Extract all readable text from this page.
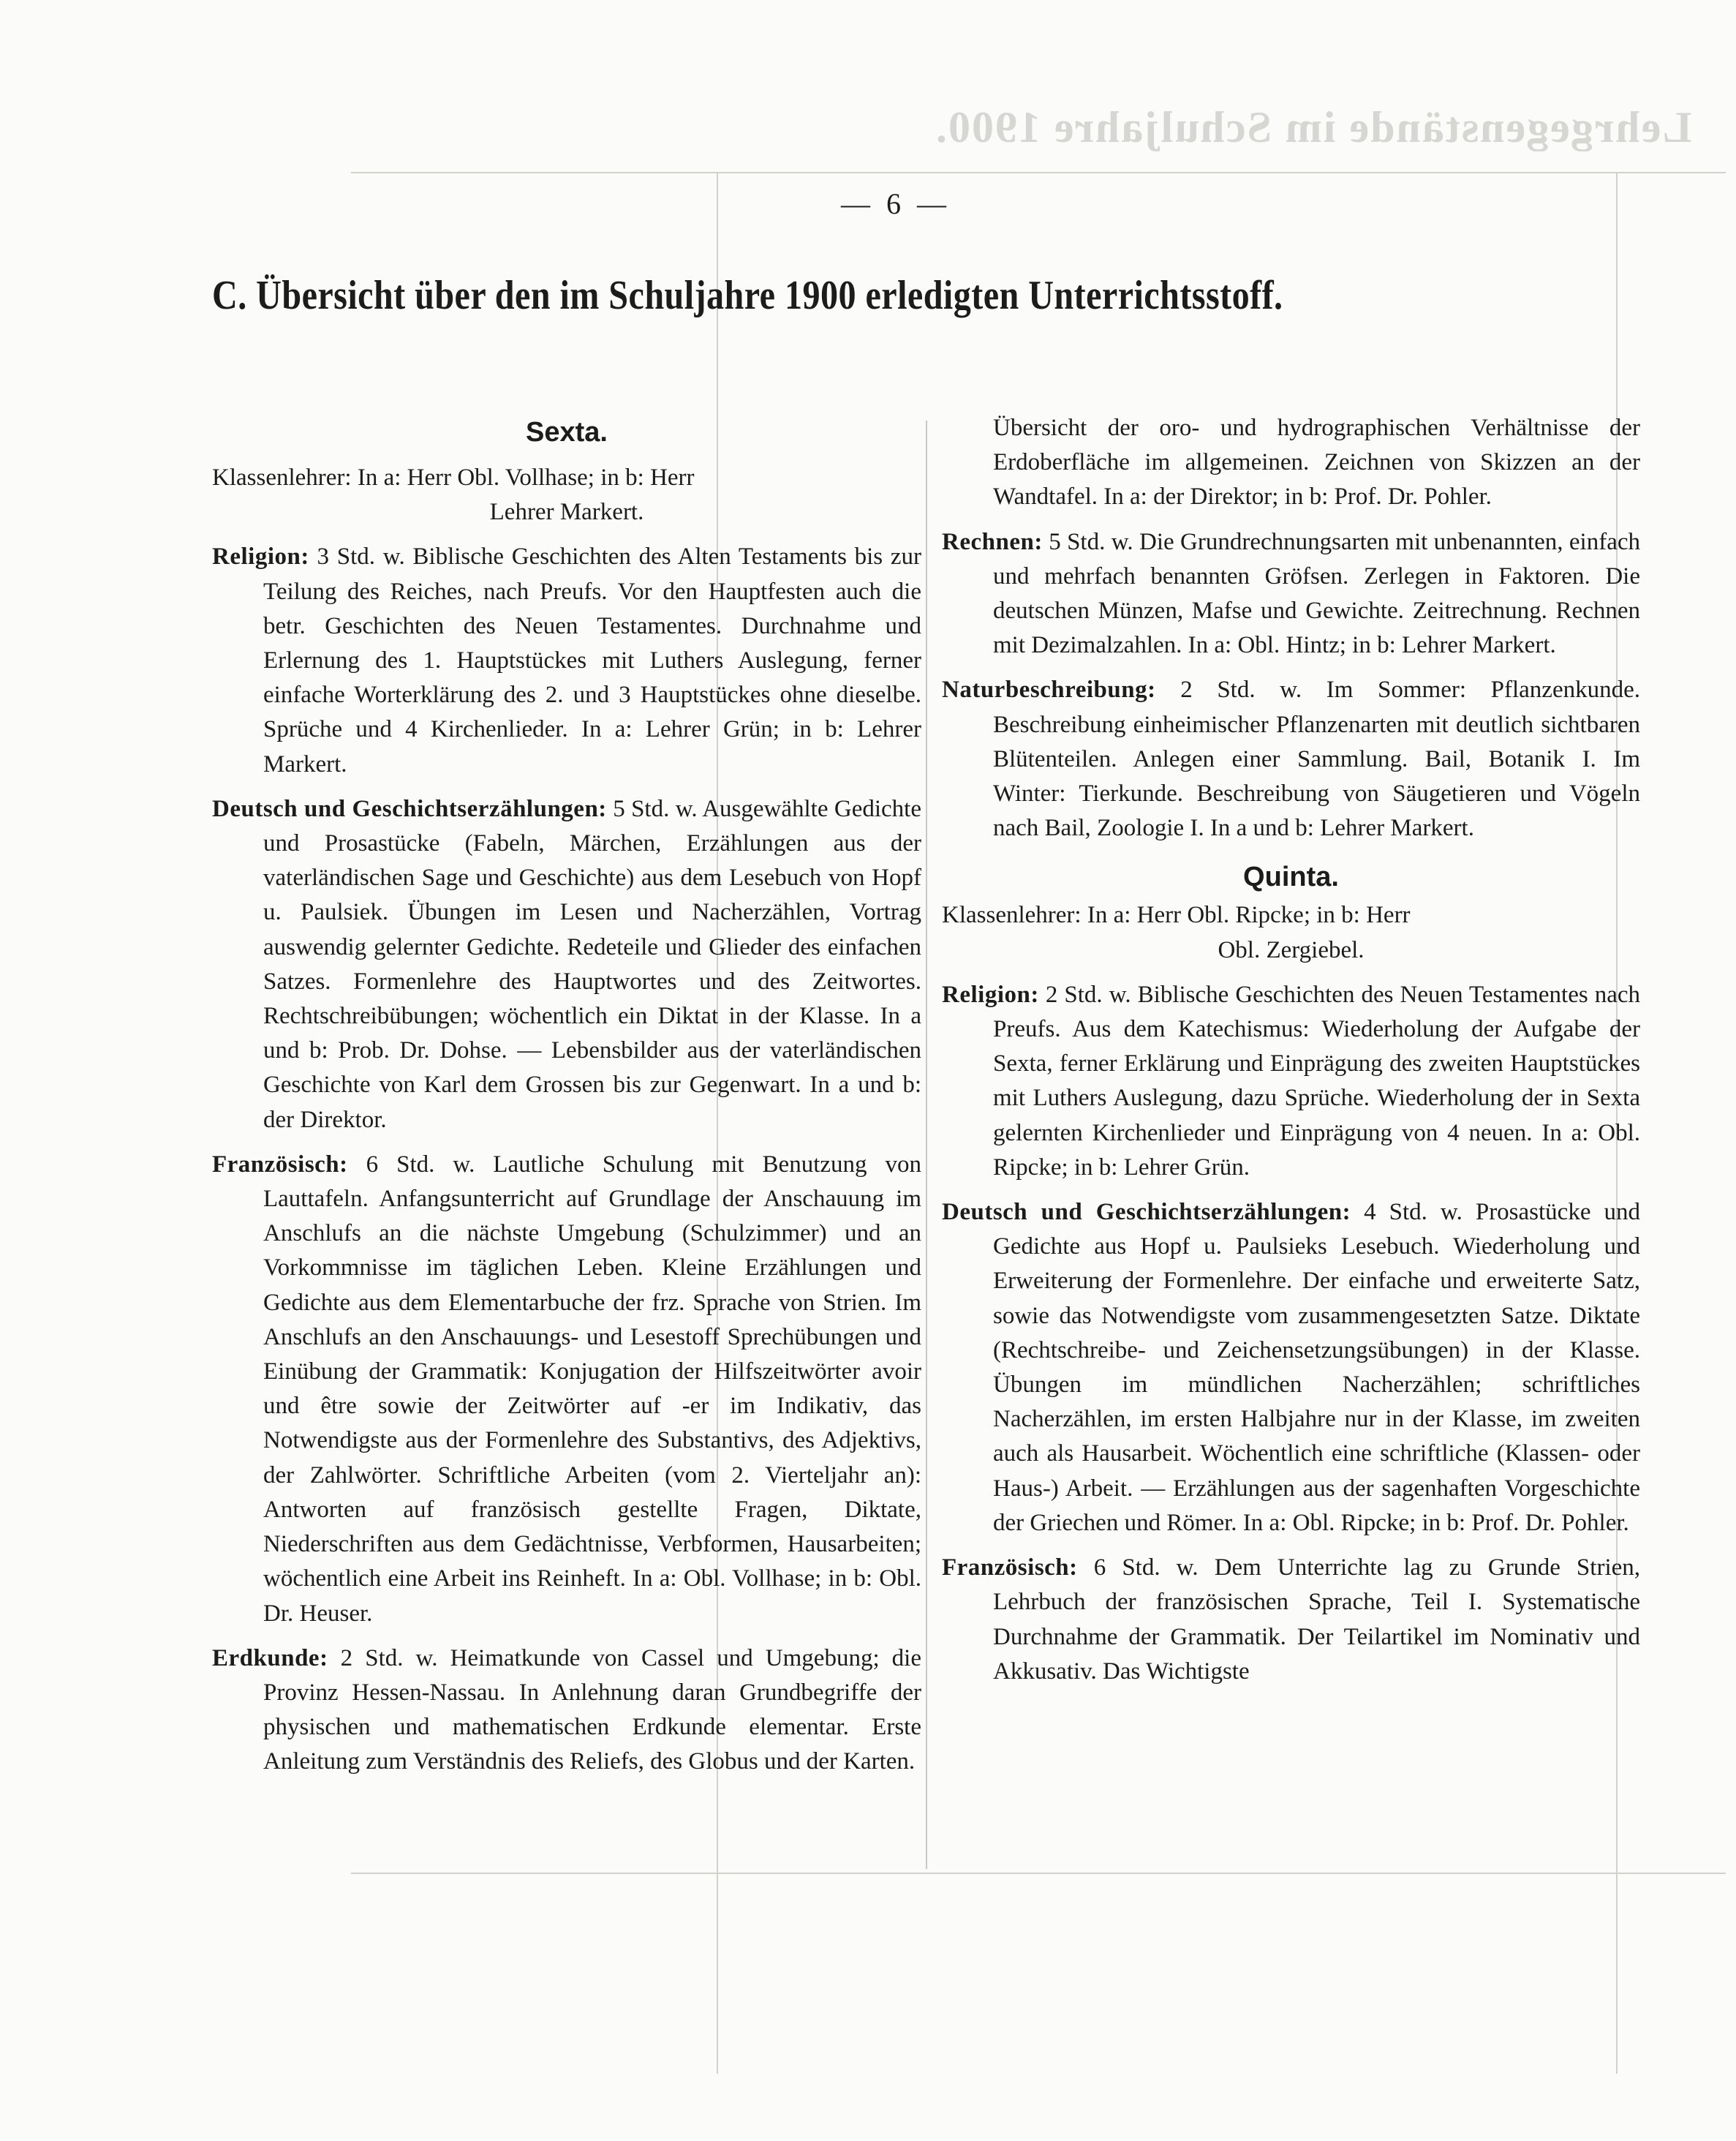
Lehrgegenstände im Schuljahre 1900.
— 6 —
C. Übersicht über den im Schuljahre 1900 erledigten Unterrichtsstoff.

Sexta.

Klassenlehrer: In a: Herr Obl. Vollhase; in b: Herr
Lehrer Markert.

Religion: 3 Std. w. Biblische Geschichten des Alten Testaments bis zur Teilung des Reiches, nach Preufs. Vor den Hauptfesten auch die betr. Geschichten des Neuen Testamentes. Durchnahme und Erlernung des 1. Hauptstückes mit Luthers Auslegung, ferner einfache Worterklärung des 2. und 3 Hauptstückes ohne dieselbe. Sprüche und 4 Kirchenlieder. In a: Lehrer Grün; in b: Lehrer Markert.

Deutsch und Geschichtserzählungen: 5 Std. w. Ausgewählte Gedichte und Prosastücke (Fabeln, Märchen, Erzählungen aus der vaterländischen Sage und Geschichte) aus dem Lesebuch von Hopf u. Paulsiek. Übungen im Lesen und Nacherzählen, Vortrag auswendig gelernter Gedichte. Redeteile und Glieder des einfachen Satzes. Formenlehre des Hauptwortes und des Zeitwortes. Rechtschreibübungen; wöchentlich ein Diktat in der Klasse. In a und b: Prob. Dr. Dohse. — Lebensbilder aus der vaterländischen Geschichte von Karl dem Grossen bis zur Gegenwart. In a und b: der Direktor.

Französisch: 6 Std. w. Lautliche Schulung mit Benutzung von Lauttafeln. Anfangsunterricht auf Grundlage der Anschauung im Anschlufs an die nächste Umgebung (Schulzimmer) und an Vorkommnisse im täglichen Leben. Kleine Erzählungen und Gedichte aus dem Elementarbuche der frz. Sprache von Strien. Im Anschlufs an den Anschauungs- und Lesestoff Sprechübungen und Einübung der Grammatik: Konjugation der Hilfszeitwörter avoir und être sowie der Zeitwörter auf -er im Indikativ, das Notwendigste aus der Formenlehre des Substantivs, des Adjektivs, der Zahlwörter. Schriftliche Arbeiten (vom 2. Vierteljahr an): Antworten auf französisch gestellte Fragen, Diktate, Niederschriften aus dem Gedächtnisse, Verbformen, Hausarbeiten; wöchentlich eine Arbeit ins Reinheft. In a: Obl. Vollhase; in b: Obl. Dr. Heuser.

Erdkunde: 2 Std. w. Heimatkunde von Cassel und Umgebung; die Provinz Hessen-Nassau. In Anlehnung daran Grundbegriffe der physischen und mathematischen Erdkunde elementar. Erste Anleitung zum Verständnis des Reliefs, des Globus und der Karten.

Übersicht der oro- und hydrographischen Verhältnisse der Erdoberfläche im allgemeinen. Zeichnen von Skizzen an der Wandtafel. In a: der Direktor; in b: Prof. Dr. Pohler.

Rechnen: 5 Std. w. Die Grundrechnungsarten mit unbenannten, einfach und mehrfach benannten Gröfsen. Zerlegen in Faktoren. Die deutschen Münzen, Mafse und Gewichte. Zeitrechnung. Rechnen mit Dezimalzahlen. In a: Obl. Hintz; in b: Lehrer Markert.

Naturbeschreibung: 2 Std. w. Im Sommer: Pflanzenkunde. Beschreibung einheimischer Pflanzenarten mit deutlich sichtbaren Blütenteilen. Anlegen einer Sammlung. Bail, Botanik I. Im Winter: Tierkunde. Beschreibung von Säugetieren und Vögeln nach Bail, Zoologie I. In a und b: Lehrer Markert.

Quinta.

Klassenlehrer: In a: Herr Obl. Ripcke; in b: Herr
Obl. Zergiebel.

Religion: 2 Std. w. Biblische Geschichten des Neuen Testamentes nach Preufs. Aus dem Katechismus: Wiederholung der Aufgabe der Sexta, ferner Erklärung und Einprägung des zweiten Hauptstückes mit Luthers Auslegung, dazu Sprüche. Wiederholung der in Sexta gelernten Kirchenlieder und Einprägung von 4 neuen. In a: Obl. Ripcke; in b: Lehrer Grün.

Deutsch und Geschichtserzählungen: 4 Std. w. Prosastücke und Gedichte aus Hopf u. Paulsieks Lesebuch. Wiederholung und Erweiterung der Formenlehre. Der einfache und erweiterte Satz, sowie das Notwendigste vom zusammengesetzten Satze. Diktate (Rechtschreibe- und Zeichensetzungsübungen) in der Klasse. Übungen im mündlichen Nacherzählen; schriftliches Nacherzählen, im ersten Halbjahre nur in der Klasse, im zweiten auch als Hausarbeit. Wöchentlich eine schriftliche (Klassen- oder Haus-) Arbeit. — Erzählungen aus der sagenhaften Vorgeschichte der Griechen und Römer. In a: Obl. Ripcke; in b: Prof. Dr. Pohler.

Französisch: 6 Std. w. Dem Unterrichte lag zu Grunde Strien, Lehrbuch der französischen Sprache, Teil I. Systematische Durchnahme der Grammatik. Der Teilartikel im Nominativ und Akkusativ. Das Wichtigste
